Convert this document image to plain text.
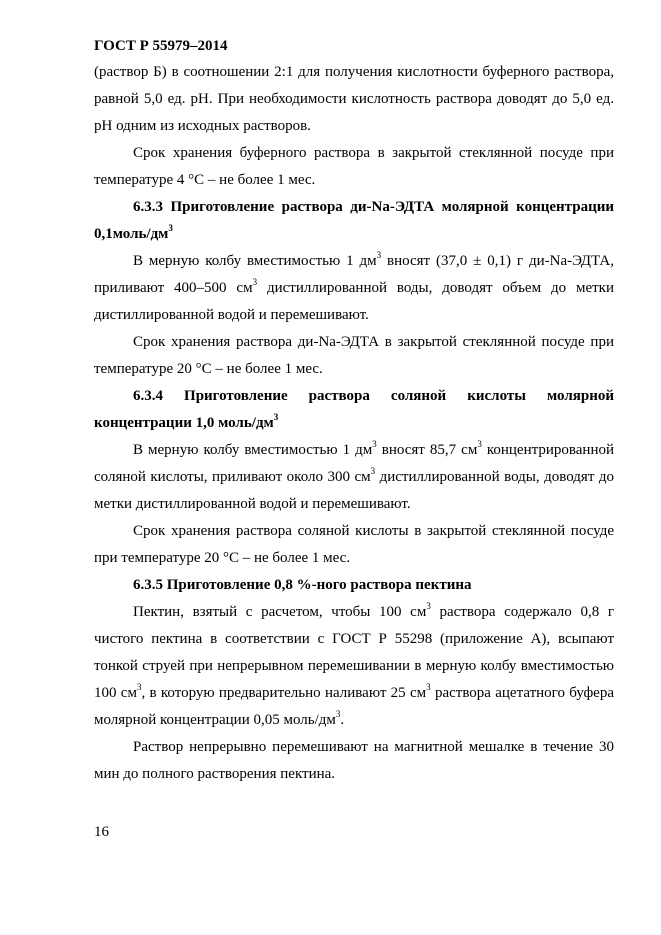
ГОСТ Р 55979–2014

(раствор Б) в соотношении 2:1 для получения кислотности буферного раствора, равной 5,0 ед. рН. При необходимости кислотность раствора доводят до 5,0 ед. рН одним из исходных растворов.

Срок хранения буферного раствора в закрытой стеклянной посуде при температуре 4 °С – не более 1 мес.

6.3.3 Приготовление раствора ди-Na-ЭДТА молярной концентрации $0,1моль/дм^3$

В мерную колбу вместимостью 1 $дм^3$ вносят (37,0 ± 0,1) г ди-Na-ЭДТА, приливают 400–500 $см^3$ дистиллированной воды, доводят объем до метки дистиллированной водой и перемешивают.

Срок хранения раствора ди-Na-ЭДТА в закрытой стеклянной посуде при температуре 20 °С – не более 1 мес.

6.3.4 Приготовление раствора соляной кислоты молярной концентрации 1,0 моль/$дм^3$

В мерную колбу вместимостью 1 $дм^3$ вносят 85,7 $см^3$ концентрированной соляной кислоты, приливают около 300 $см^3$ дистиллированной воды, доводят до метки дистиллированной водой и перемешивают.

Срок хранения раствора соляной кислоты в закрытой стеклянной посуде при температуре 20 °С – не более 1 мес.

6.3.5 Приготовление 0,8 %-ного раствора пектина

Пектин, взятый с расчетом, чтобы 100 $см^3$ раствора содержало 0,8 г чистого пектина в соответствии с ГОСТ Р 55298 (приложение А), всыпают тонкой струей при непрерывном перемешивании в мерную колбу вместимостью 100 $см^3$, в которую предварительно наливают 25 $см^3$ раствора ацетатного буфера молярной концентрации 0,05 моль/$дм^3$.

Раствор непрерывно перемешивают на магнитной мешалке в течение 30 мин до полного растворения пектина.

16
